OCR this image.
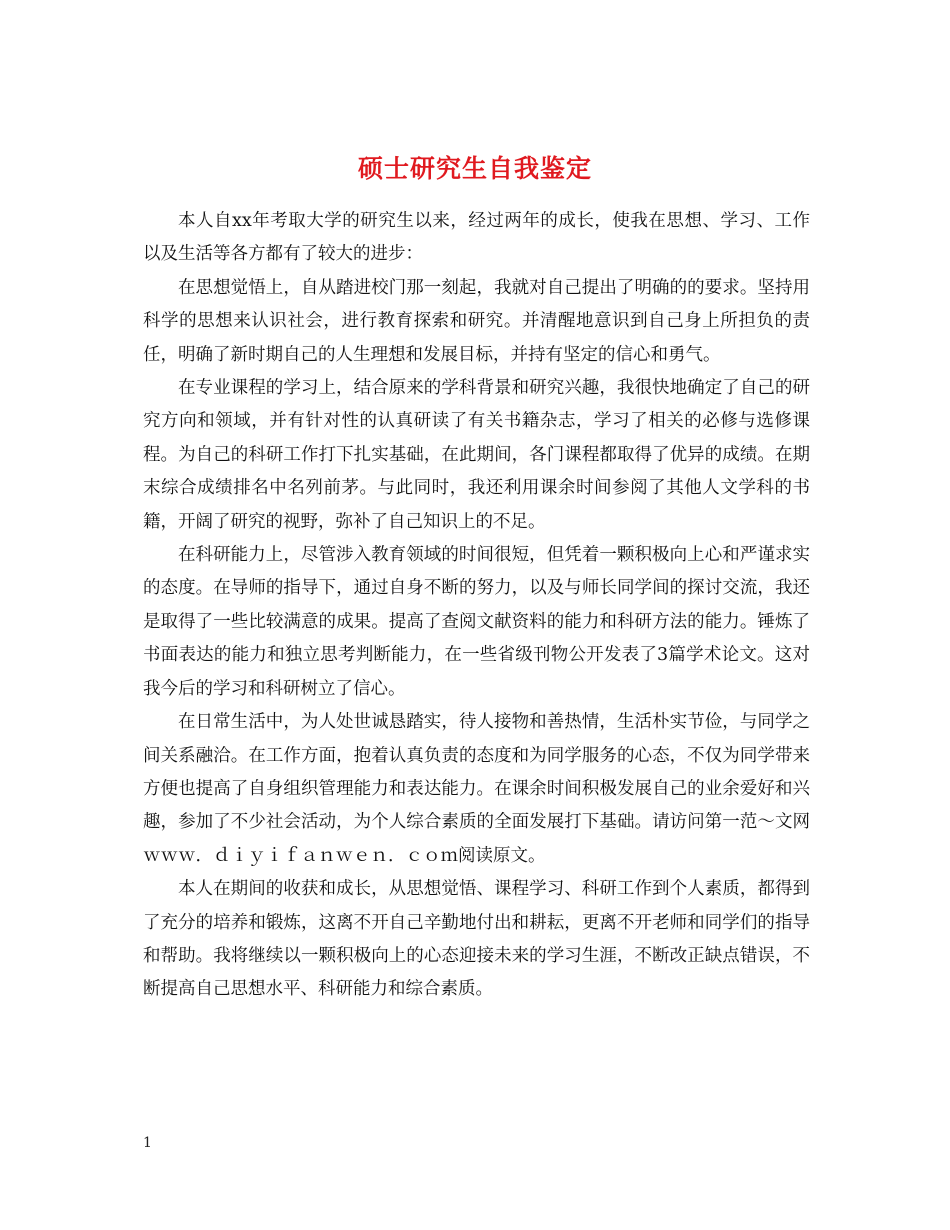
硕士研究生自我鉴定

本人自xx年考取大学的研究生以来，经过两年的成长，使我在思想、学习、工作以及生活等各方都有了较大的进步：

在思想觉悟上，自从踏进校门那一刻起，我就对自己提出了明确的的要求。坚持用科学的思想来认识社会，进行教育探索和研究。并清醒地意识到自己身上所担负的责任，明确了新时期自己的人生理想和发展目标，并持有坚定的信心和勇气。

在专业课程的学习上，结合原来的学科背景和研究兴趣，我很快地确定了自己的研究方向和领域，并有针对性的认真研读了有关书籍杂志，学习了相关的必修与选修课程。为自己的科研工作打下扎实基础，在此期间，各门课程都取得了优异的成绩。在期末综合成绩排名中名列前茅。与此同时，我还利用课余时间参阅了其他人文学科的书籍，开阔了研究的视野，弥补了自己知识上的不足。

在科研能力上，尽管涉入教育领域的时间很短，但凭着一颗积极向上心和严谨求实的态度。在导师的指导下，通过自身不断的努力，以及与师长同学间的探讨交流，我还是取得了一些比较满意的成果。提高了查阅文献资料的能力和科研方法的能力。锤炼了书面表达的能力和独立思考判断能力，在一些省级刊物公开发表了3篇学术论文。这对我今后的学习和科研树立了信心。

在日常生活中，为人处世诚恳踏实，待人接物和善热情，生活朴实节俭，与同学之间关系融洽。在工作方面，抱着认真负责的态度和为同学服务的心态，不仅为同学带来方便也提高了自身组织管理能力和表达能力。在课余时间积极发展自己的业余爱好和兴趣，参加了不少社会活动，为个人综合素质的全面发展打下基础。请访问第一范～文网ｗｗｗ．ｄｉｙｉｆａｎｗｅｎ．ｃｏｍ阅读原文。

本人在期间的收获和成长，从思想觉悟、课程学习、科研工作到个人素质，都得到了充分的培养和锻炼，这离不开自己辛勤地付出和耕耘，更离不开老师和同学们的指导和帮助。我将继续以一颗积极向上的心态迎接未来的学习生涯，不断改正缺点错误，不断提高自己思想水平、科研能力和综合素质。

1
